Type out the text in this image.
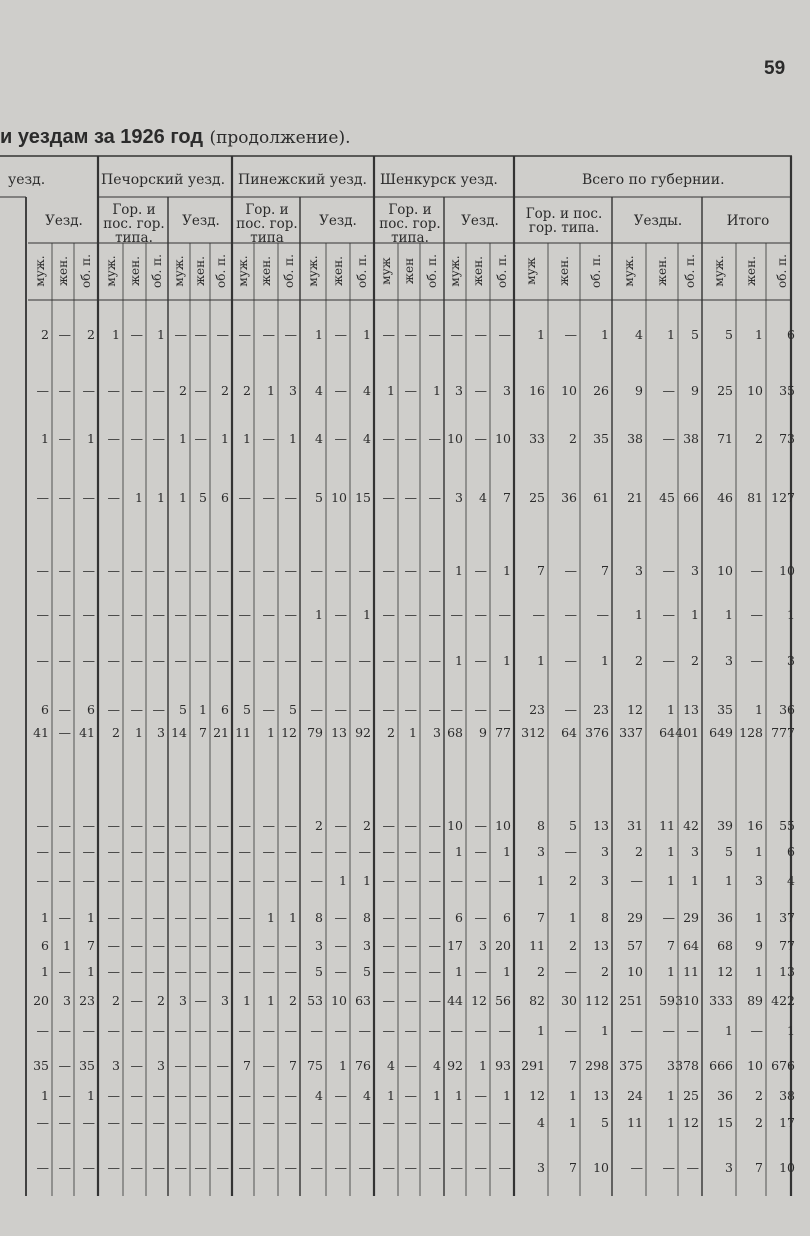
59
и уездам за 1926 год (продолжение).
уезд.	Печорский уезд. Пинежский уезд. Шенкурск уезд.	Всего по губернии.
Уезд.
Гор. и
пос. гор.
типа.
Уезд.
Гор. и
пос. гор.
типа
Уезд.
Гор. и
пос. гор.
типа.
Уезд.	Гор. и пос.
гор. типа.	Уезды.	Итого
муж. жен. об. п. муж. жен. об. п. муж. жен. об. п. муж. жен. об. п. муж. жен. об. п. муж жен об. п. муж. жен. об. п. муж жен. об. п. муж. жен. об. п. муж. жен. об. п.
2 — 2 1 — 1 — — — — — — 1 — 1 — — — — — — 1 — 1 4 1 5 5 1 6
— — — — — — 2 — 2 2 1 3 4 — 4 1 — 1 3 — 3 16 10 26 9 — 9 25 10 35
1 — 1 — — — 1 — 1 1 — 1 4 — 4 — — — 10 — 10 33 2 35 38 — 38 71 2 73
— — — — 1 1 1 5 6 — — — 5 10 15 — — — 3 4 7 25 36 61 21 45 66 46 81 127
— — — — — — — — — — — — — — — — — — 1 — 1 7 — 7 3 — 3 10 — 10
— — — — — — — — — — — — 1 — 1 — — — — — — — — — 1 — 1 1 — 1
— — — — — — — — — — — — — — — — — — 1 — 1 1 — 1 2 — 2 3 — 3
6 — 6 — — — 5 1 6 5 — 5 — — — — — — — — — 23 — 23 12 1 13 35 1 36
41 — 41 2 1 3 14 7 21 11 1 12 79 13 92 2 1 3 68 9 77 312 64 376 337 64 401 649 128 777
— — — — — — — — — — — — 2 — 2 — — — 10 — 10 8 5 13 31 11 42 39 16 55
— — — — — — — — — — — — — — — — — — 1 — 1 3 — 3 2 1 3 5 1 6
— — — — — — — — — — — — — 1 1 — — — — — — 1 2 3 — 1 1 1 3 4
1 — 1 — — — — — — — 1 1 8 — 8 — — — 6 — 6 7 1 8 29 — 29 36 1 37
6 1 7 — — — — — — — — — 3 — 3 — — — 17 3 20 11 2 13 57 7 64 68 9 77
1 — 1 — — — — — — — — — 5 — 5 — — — 1 — 1 2 — 2 10 1 11 12 1 13
20 3 23 2 — 2 3 — 3 1 1 2 53 10 63 — — — 44 12 56 82 30 112 251 59 310 333 89 422
— — — — — — — — — — — — — — — — — — — — — 1 — 1 — — — 1 — 1
35 — 35 3 — 3 — — — 7 — 7 75 1 76 4 — 4 92 1 93 291 7 298 375 3 378 666 10 676
1 — 1 — — — — — — — — — 4 — 4 1 — 1 1 — 1 12 1 13 24 1 25 36 2 38
— — — — — — — — — — — — — — — — — — — — — 4 1 5 11 1 12 15 2 17
— — — — — — — — — — — — — — — — — — — — — 3 7 10 — — — 3 7 10
